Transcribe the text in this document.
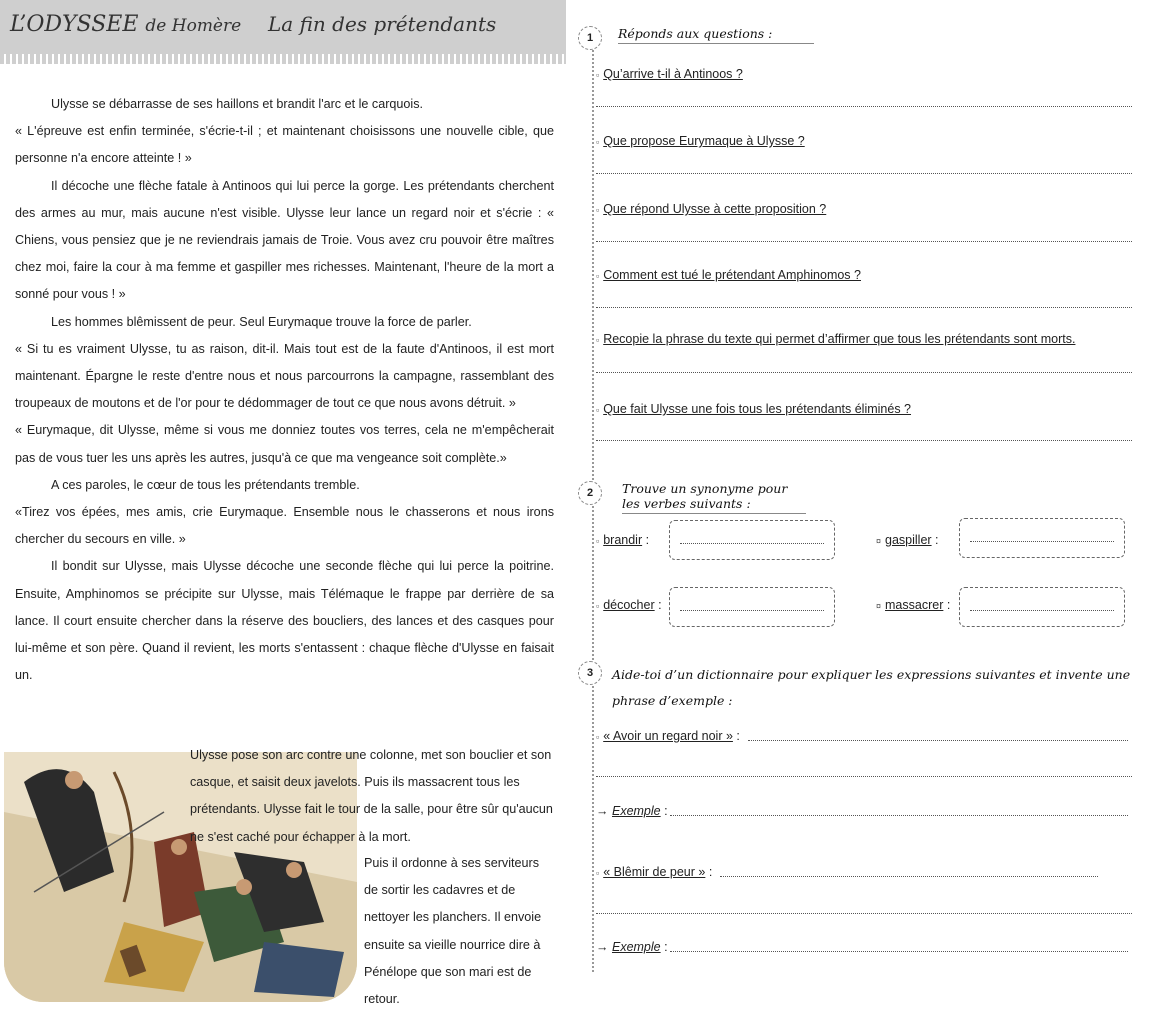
L’ODYSSEE de Homère La fin des prétendants

Ulysse se débarrasse de ses haillons et brandit l'arc et le carquois.

« L'épreuve est enfin terminée, s'écrie-t-il ; et maintenant choisissons une nouvelle cible, que personne n'a encore atteinte ! »

Il décoche une flèche fatale à Antinoos qui lui perce la gorge. Les prétendants cherchent des armes au mur, mais aucune n'est visible. Ulysse leur lance un regard noir et s'écrie : « Chiens, vous pensiez que je ne reviendrais jamais de Troie. Vous avez cru pouvoir être maîtres chez moi, faire la cour à ma femme et gaspiller mes richesses. Maintenant, l'heure de la mort a sonné pour vous ! »

Les hommes blêmissent de peur. Seul Eurymaque trouve la force de parler.

« Si tu es vraiment Ulysse, tu as raison, dit-il. Mais tout est de la faute d'Antinoos, il est mort maintenant. Épargne le reste d'entre nous et nous parcourrons la campagne, rassemblant des troupeaux de moutons et de l'or pour te dédommager de tout ce que nous avons détruit. »

« Eurymaque, dit Ulysse, même si vous me donniez toutes vos terres, cela ne m'empêcherait pas de vous tuer les uns après les autres, jusqu'à ce que ma vengeance soit complète.»

A ces paroles, le cœur de tous les prétendants tremble.

«Tirez vos épées, mes amis, crie Eurymaque. Ensemble nous le chasserons et nous irons chercher du secours en ville. »

Il bondit sur Ulysse, mais Ulysse décoche une seconde flèche qui lui perce la poitrine. Ensuite, Amphinomos se précipite sur Ulysse, mais Télémaque le frappe par derrière de sa lance. Il court ensuite chercher dans la réserve des boucliers, des lances et des casques pour lui-même et son père. Quand il revient, les morts s'entassent : chaque flèche d'Ulysse en faisait un.

Ulysse pose son arc contre une colonne, met son bouclier et son casque, et saisit deux javelots. Puis ils massacrent tous les prétendants. Ulysse fait le tour de la salle, pour être sûr qu'aucun ne s'est caché pour échapper à la mort.

Puis il ordonne à ses serviteurs de sortir les cadavres et de nettoyer les planchers. Il envoie ensuite sa vieille nourrice dire à Pénélope que son mari est de retour.

1	Réponds aux questions :
▫ Qu’arrive t-il à Antinoos ?
▫ Que propose Eurymaque à Ulysse ?
▫ Que répond Ulysse à cette proposition ?
▫ Comment est tué le prétendant Amphinomos ?
▫ Recopie la phrase du texte qui permet d’affirmer que tous les prétendants sont morts.
▫ Que fait Ulysse une fois tous les prétendants éliminés ?
2	Trouve un synonyme pour les verbes suivants :
▫ brandir :	¤ gaspiller :
▫ décocher :	¤ massacrer :
3	Aide-toi d’un dictionnaire pour expliquer les expressions suivantes et invente une phrase d’exemple :
▫ « Avoir un regard noir » :
→ Exemple :
▫ « Blêmir de peur » :
→ Exemple :
